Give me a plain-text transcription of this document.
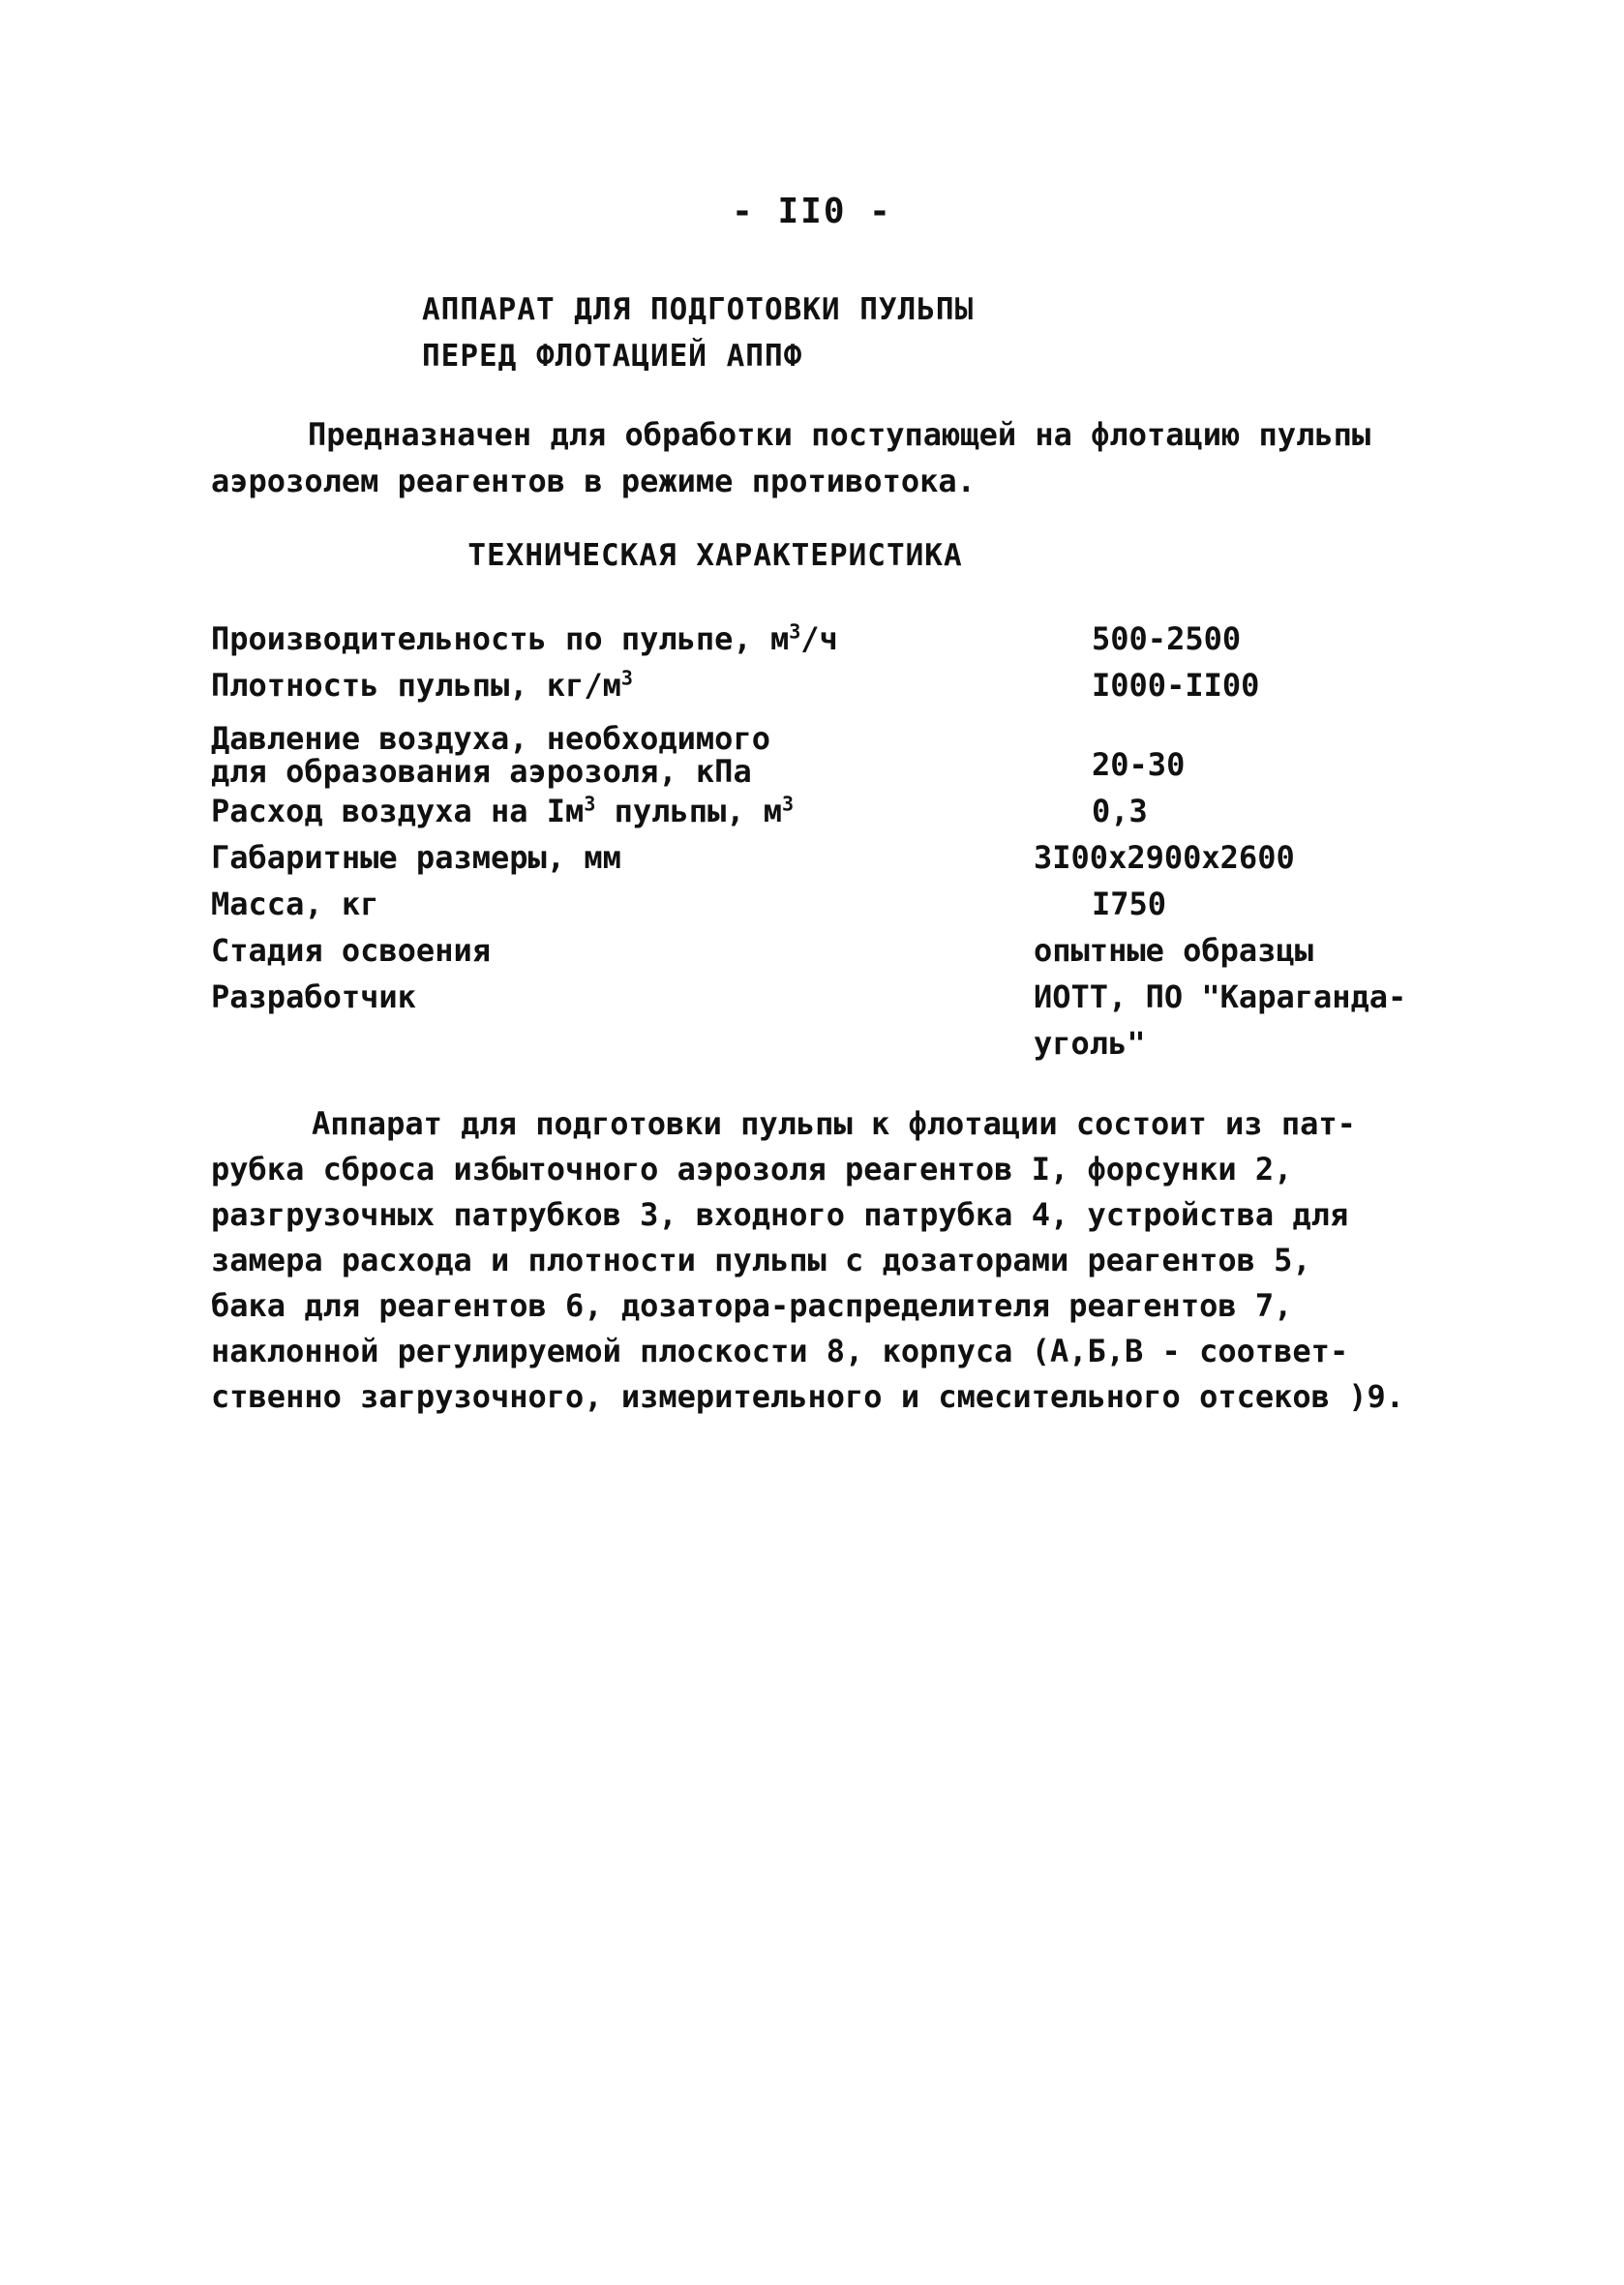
- II0 -
АППАРАТ ДЛЯ ПОДГОТОВКИ ПУЛЬПЫ
ПЕРЕД ФЛОТАЦИЕЙ АППФ
Предназначен для обработки поступающей на флотацию пульпы
аэрозолем реагентов в режиме противотока.
ТЕХНИЧЕСКАЯ ХАРАКТЕРИСТИКА
Производительность по пульпе, $м^3/ч$	500-2500
Плотность пульпы, $кг/м^3$	I000-II00
Давление воздуха, необходимого
для образования аэрозоля, кПа	20-30
Расход воздуха на $Iм^3$ пульпы, $м^3$	0,3
Габаритные размеры, мм	3I00x2900x2600
Масса, кг	I750
Стадия освоения	опытные образцы
Разработчик	ИОТТ, ПО "Караганда-
уголь"
Аппарат для подготовки пульпы к флотации состоит из пат-
рубка сброса избыточного аэрозоля реагентов I, форсунки 2,
разгрузочных патрубков 3, входного патрубка 4, устройства для
замера расхода и плотности пульпы с дозаторами реагентов 5,
бака для реагентов 6, дозатора-распределителя реагентов 7,
наклонной регулируемой плоскости 8, корпуса (А,Б,В - соответ-
ственно загрузочного, измерительного и смесительного отсеков )9.
